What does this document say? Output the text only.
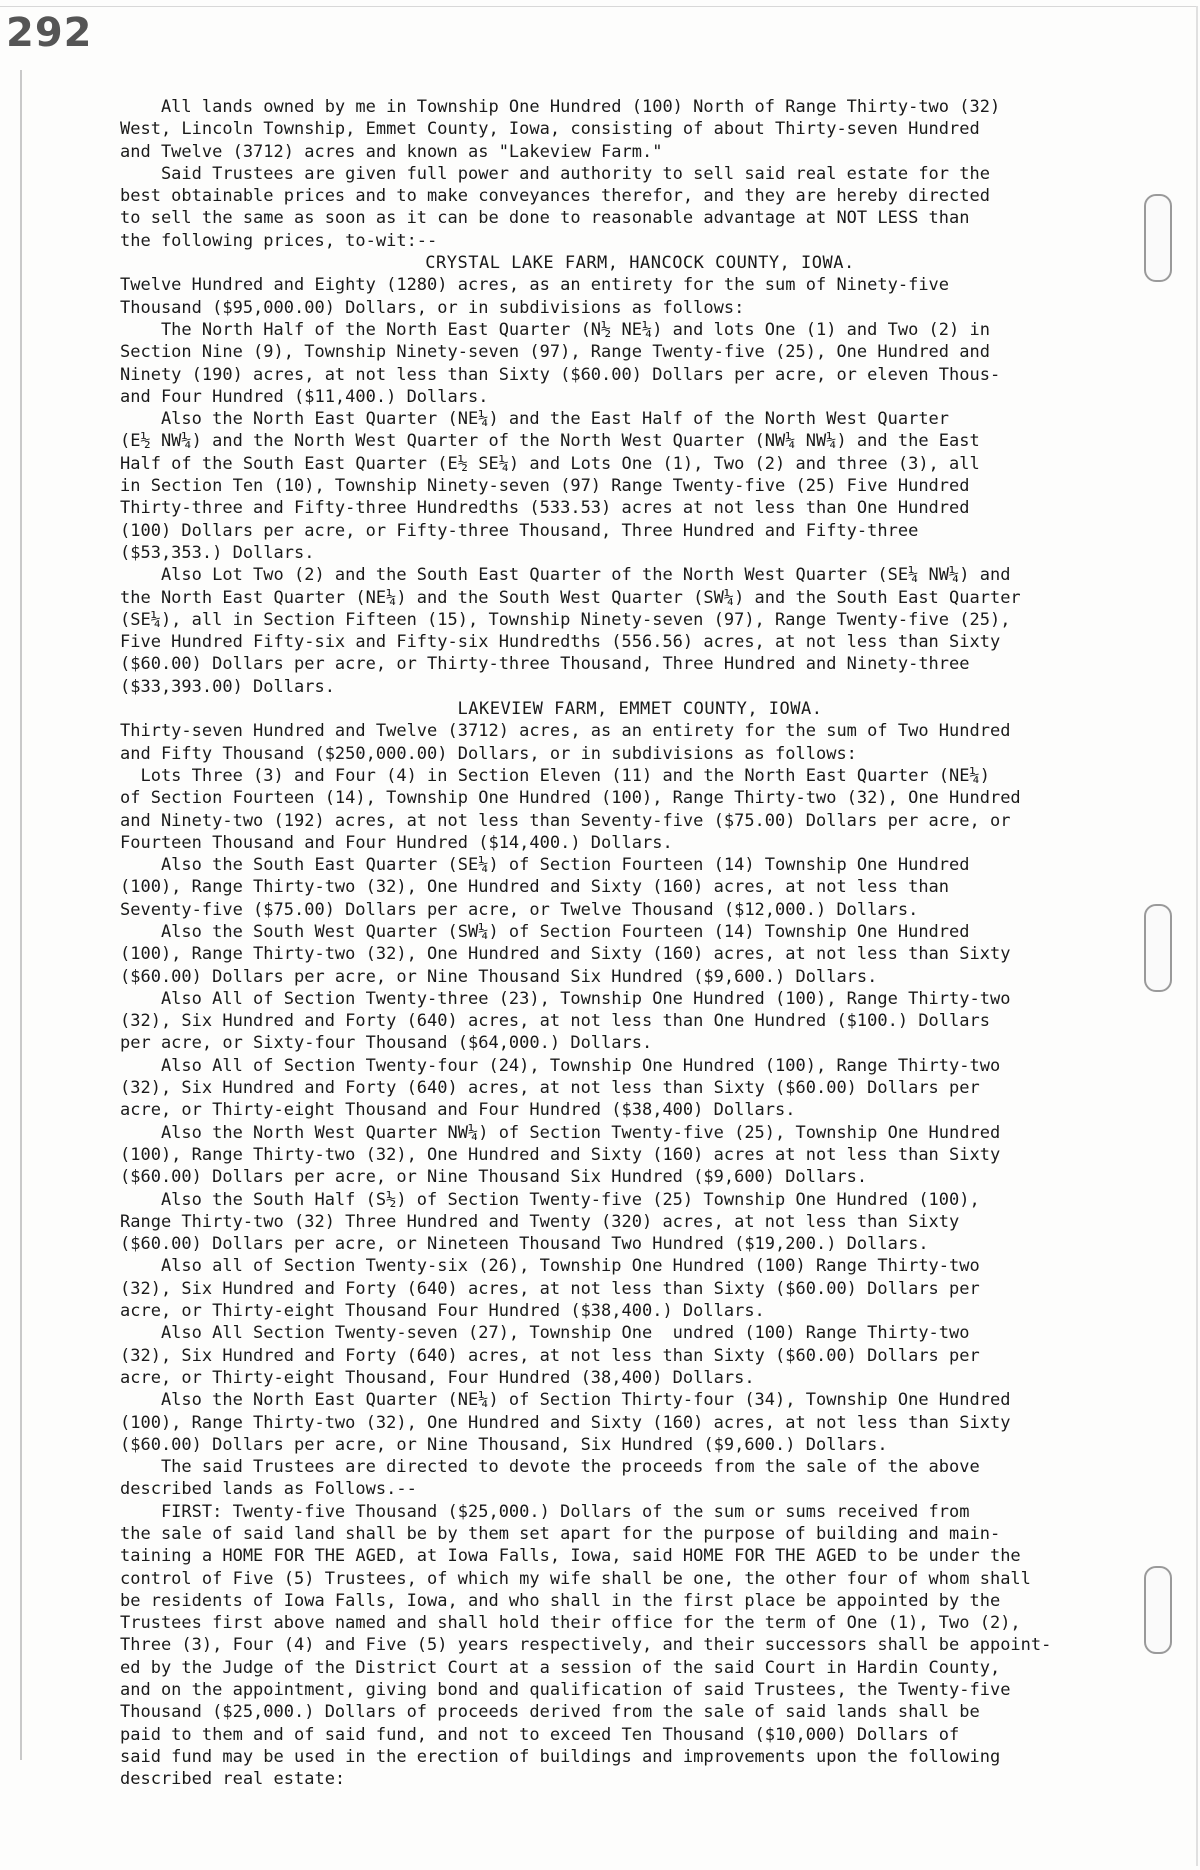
292
All lands owned by me in Township One Hundred (100) North of Range Thirty-two (32)
West, Lincoln Township, Emmet County, Iowa, consisting of about Thirty-seven Hundred
and Twelve (3712) acres and known as "Lakeview Farm."
Said Trustees are given full power and authority to sell said real estate for the
best obtainable prices and to make conveyances therefor, and they are hereby directed
to sell the same as soon as it can be done to reasonable advantage at NOT LESS than
the following prices, to-wit:--
CRYSTAL LAKE FARM, HANCOCK COUNTY, IOWA.
Twelve Hundred and Eighty (1280) acres, as an entirety for the sum of Ninety-five
Thousand ($95,000.00) Dollars, or in subdivisions as follows:
The North Half of the North East Quarter (N½ NE¼) and lots One (1) and Two (2) in
Section Nine (9), Township Ninety-seven (97), Range Twenty-five (25), One Hundred and
Ninety (190) acres, at not less than Sixty ($60.00) Dollars per acre, or eleven Thous-
and Four Hundred ($11,400.) Dollars.
Also the North East Quarter (NE¼) and the East Half of the North West Quarter
(E½ NW¼) and the North West Quarter of the North West Quarter (NW¼ NW¼) and the East
Half of the South East Quarter (E½ SE¼) and Lots One (1), Two (2) and three (3), all
in Section Ten (10), Township Ninety-seven (97) Range Twenty-five (25) Five Hundred
Thirty-three and Fifty-three Hundredths (533.53) acres at not less than One Hundred
(100) Dollars per acre, or Fifty-three Thousand, Three Hundred and Fifty-three
($53,353.) Dollars.
Also Lot Two (2) and the South East Quarter of the North West Quarter (SE¼ NW¼) and
the North East Quarter (NE¼) and the South West Quarter (SW¼) and the South East Quarter
(SE¼), all in Section Fifteen (15), Township Ninety-seven (97), Range Twenty-five (25),
Five Hundred Fifty-six and Fifty-six Hundredths (556.56) acres, at not less than Sixty
($60.00) Dollars per acre, or Thirty-three Thousand, Three Hundred and Ninety-three
($33,393.00) Dollars.
LAKEVIEW FARM, EMMET COUNTY, IOWA.
Thirty-seven Hundred and Twelve (3712) acres, as an entirety for the sum of Two Hundred
and Fifty Thousand ($250,000.00) Dollars, or in subdivisions as follows:
Lots Three (3) and Four (4) in Section Eleven (11) and the North East Quarter (NE¼)
of Section Fourteen (14), Township One Hundred (100), Range Thirty-two (32), One Hundred
and Ninety-two (192) acres, at not less than Seventy-five ($75.00) Dollars per acre, or
Fourteen Thousand and Four Hundred ($14,400.) Dollars.
Also the South East Quarter (SE¼) of Section Fourteen (14) Township One Hundred
(100), Range Thirty-two (32), One Hundred and Sixty (160) acres, at not less than
Seventy-five ($75.00) Dollars per acre, or Twelve Thousand ($12,000.) Dollars.
Also the South West Quarter (SW¼) of Section Fourteen (14) Township One Hundred
(100), Range Thirty-two (32), One Hundred and Sixty (160) acres, at not less than Sixty
($60.00) Dollars per acre, or Nine Thousand Six Hundred ($9,600.) Dollars.
Also All of Section Twenty-three (23), Township One Hundred (100), Range Thirty-two
(32), Six Hundred and Forty (640) acres, at not less than One Hundred ($100.) Dollars
per acre, or Sixty-four Thousand ($64,000.) Dollars.
Also All of Section Twenty-four (24), Township One Hundred (100), Range Thirty-two
(32), Six Hundred and Forty (640) acres, at not less than Sixty ($60.00) Dollars per
acre, or Thirty-eight Thousand and Four Hundred ($38,400) Dollars.
Also the North West Quarter NW¼) of Section Twenty-five (25), Township One Hundred
(100), Range Thirty-two (32), One Hundred and Sixty (160) acres at not less than Sixty
($60.00) Dollars per acre, or Nine Thousand Six Hundred ($9,600) Dollars.
Also the South Half (S½) of Section Twenty-five (25) Township One Hundred (100),
Range Thirty-two (32) Three Hundred and Twenty (320) acres, at not less than Sixty
($60.00) Dollars per acre, or Nineteen Thousand Two Hundred ($19,200.) Dollars.
Also all of Section Twenty-six (26), Township One Hundred (100) Range Thirty-two
(32), Six Hundred and Forty (640) acres, at not less than Sixty ($60.00) Dollars per
acre, or Thirty-eight Thousand Four Hundred ($38,400.) Dollars.
Also All Section Twenty-seven (27), Township One  undred (100) Range Thirty-two
(32), Six Hundred and Forty (640) acres, at not less than Sixty ($60.00) Dollars per
acre, or Thirty-eight Thousand, Four Hundred (38,400) Dollars.
Also the North East Quarter (NE¼) of Section Thirty-four (34), Township One Hundred
(100), Range Thirty-two (32), One Hundred and Sixty (160) acres, at not less than Sixty
($60.00) Dollars per acre, or Nine Thousand, Six Hundred ($9,600.) Dollars.
The said Trustees are directed to devote the proceeds from the sale of the above
described lands as Follows.--
FIRST: Twenty-five Thousand ($25,000.) Dollars of the sum or sums received from
the sale of said land shall be by them set apart for the purpose of building and main-
taining a HOME FOR THE AGED, at Iowa Falls, Iowa, said HOME FOR THE AGED to be under the
control of Five (5) Trustees, of which my wife shall be one, the other four of whom shall
be residents of Iowa Falls, Iowa, and who shall in the first place be appointed by the
Trustees first above named and shall hold their office for the term of One (1), Two (2),
Three (3), Four (4) and Five (5) years respectively, and their successors shall be appoint-
ed by the Judge of the District Court at a session of the said Court in Hardin County,
and on the appointment, giving bond and qualification of said Trustees, the Twenty-five
Thousand ($25,000.) Dollars of proceeds derived from the sale of said lands shall be
paid to them and of said fund, and not to exceed Ten Thousand ($10,000) Dollars of
said fund may be used in the erection of buildings and improvements upon the following
described real estate:
